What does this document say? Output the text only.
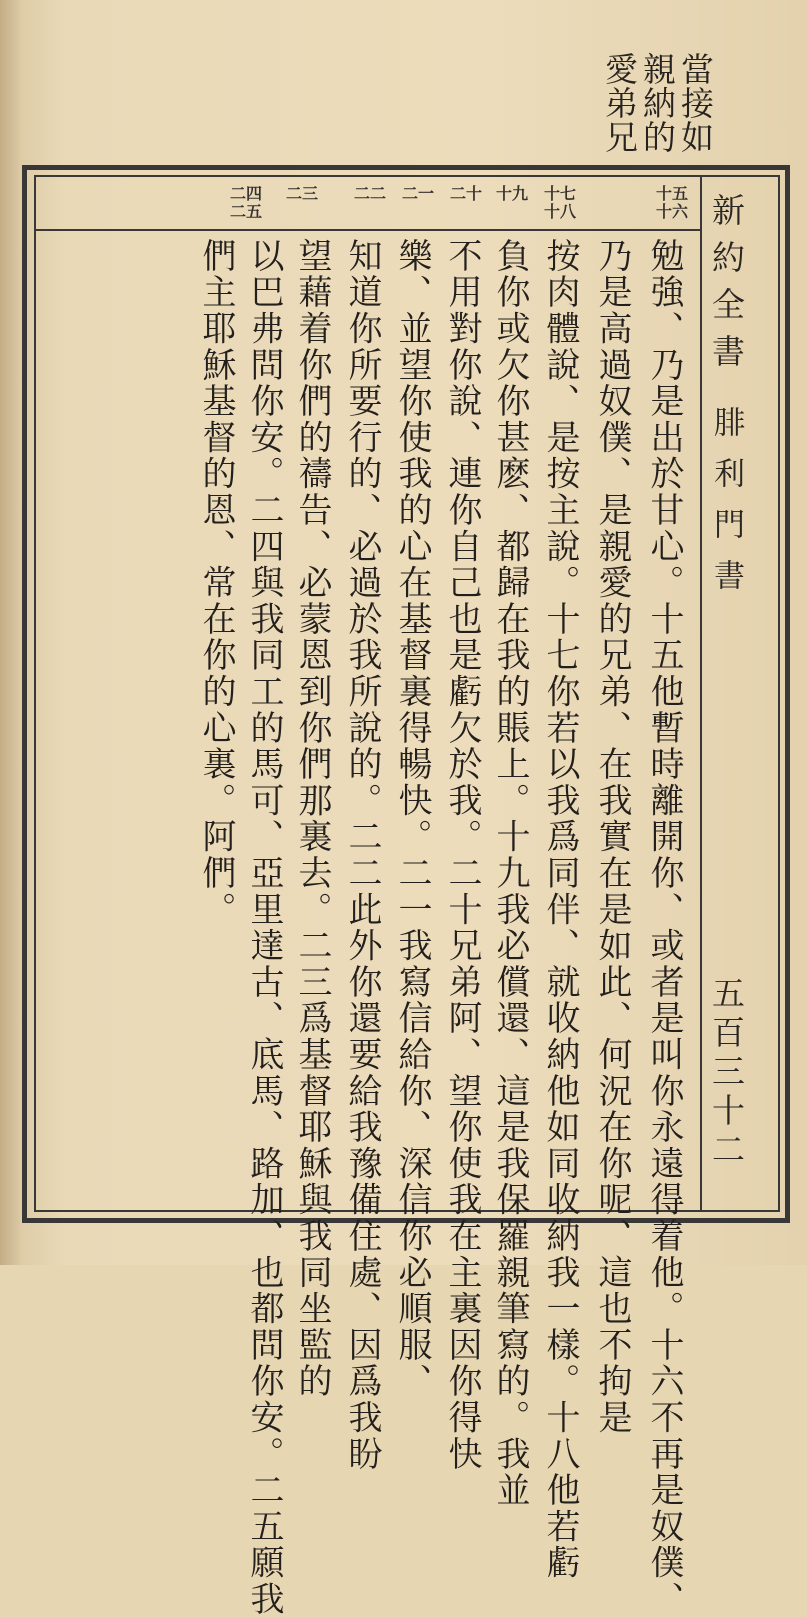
當接如親納的愛弟兄
新約全書
腓利門書
五百三十二
十五十六
十七十八
十九
二十
二一
二二
二三
二四二五
勉強、乃是出於甘心。十五他暫時離開你、或者是叫你永遠得着他。十六不再是奴僕、
乃是高過奴僕、是親愛的兄弟、在我實在是如此、何況在你呢、這也不拘是
按肉體說、是按主說。十七你若以我爲同伴、就收納他如同收納我一樣。十八他若虧
負你或欠你甚麽、都歸在我的賬上。十九我必償還、這是我保羅親筆寫的。我並
不用對你說、連你自己也是虧欠於我。二十兄弟阿、望你使我在主裏因你得快
樂、並望你使我的心在基督裏得暢快。二一我寫信給你、深信你必順服、
知道你所要行的、必過於我所說的。二二此外你還要給我豫備住處、因爲我盼
望藉着你們的禱告、必蒙恩到你們那裏去。二三爲基督耶穌與我同坐監的
以巴弗問你安。二四與我同工的馬可、亞里達古、底馬、路加、也都問你安。二五願我
們主耶穌基督的恩、常在你的心裏。阿們。
